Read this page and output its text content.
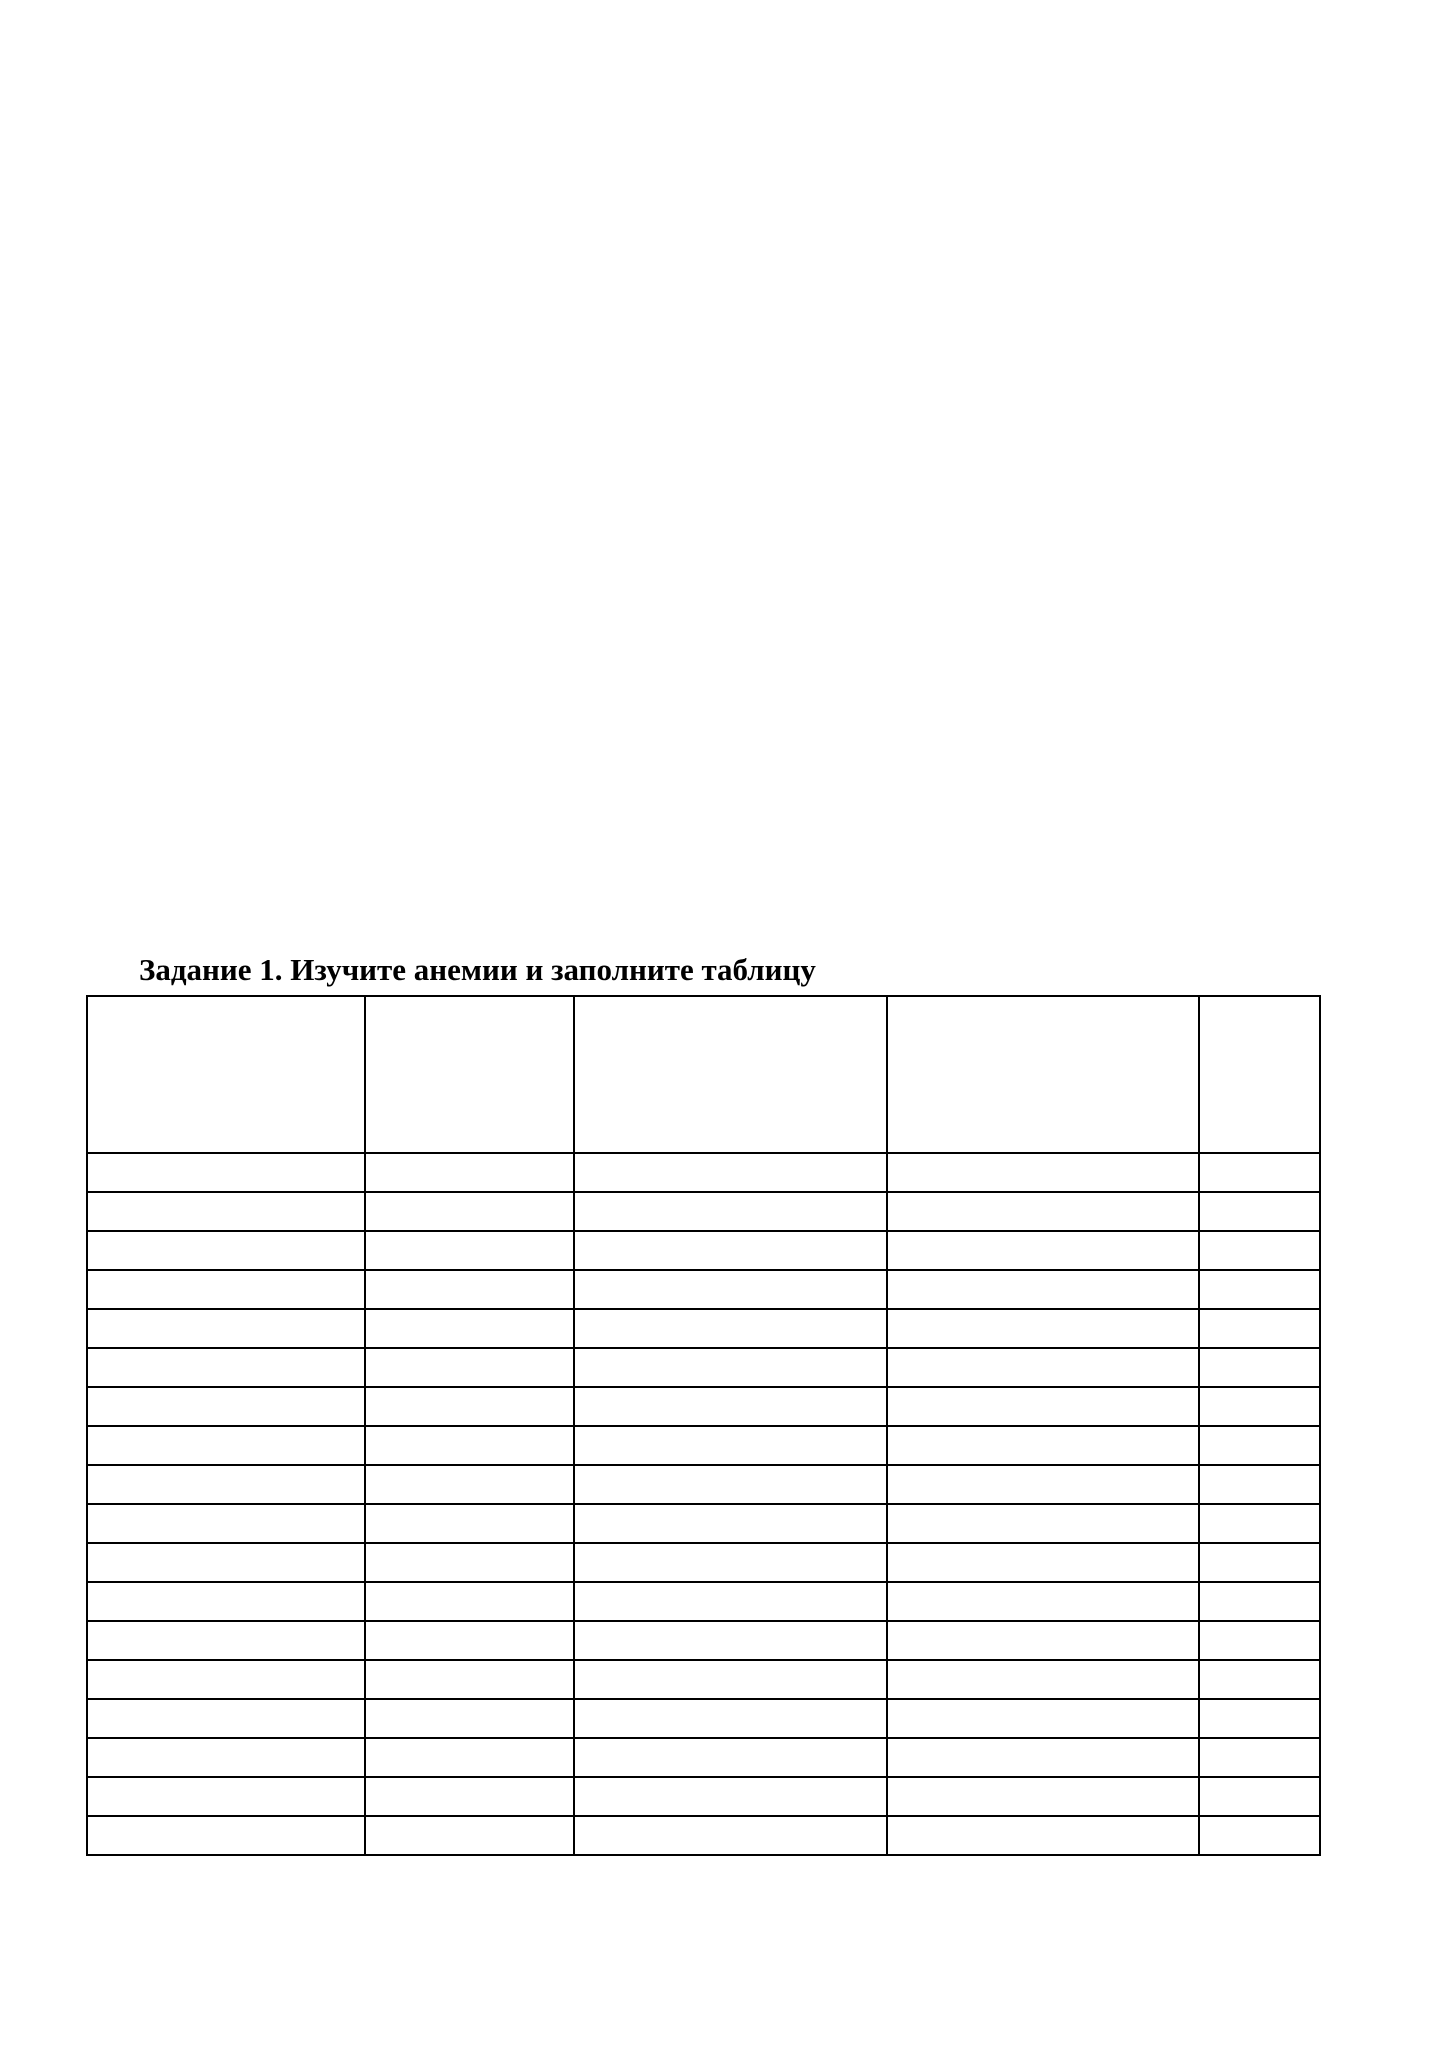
Задание 1. Изучите анемии и заполните таблицу
